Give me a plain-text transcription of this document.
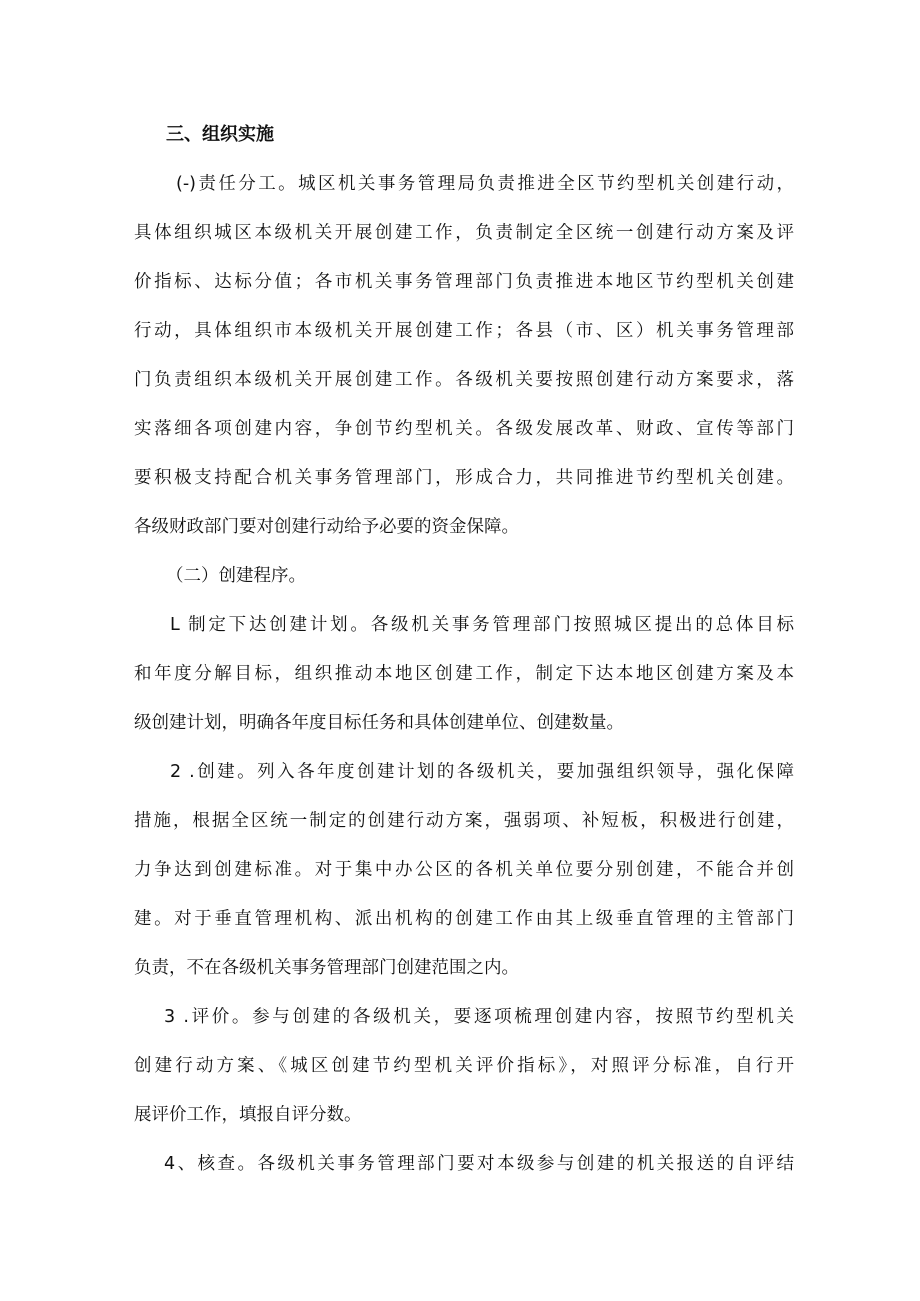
三、组织实施
(-)责任分工。城区机关事务管理局负责推进全区节约型机关创建行动，
具体组织城区本级机关开展创建工作，负责制定全区统一创建行动方案及评
价指标、达标分值；各市机关事务管理部门负责推进本地区节约型机关创建
行动，具体组织市本级机关开展创建工作；各县（市、区）机关事务管理部
门负责组织本级机关开展创建工作。各级机关要按照创建行动方案要求，落
实落细各项创建内容，争创节约型机关。各级发展改革、财政、宣传等部门
要积极支持配合机关事务管理部门，形成合力，共同推进节约型机关创建。
各级财政部门要对创建行动给予必要的资金保障。
（二）创建程序。
L 制定下达创建计划。各级机关事务管理部门按照城区提出的总体目标
和年度分解目标，组织推动本地区创建工作，制定下达本地区创建方案及本
级创建计划，明确各年度目标任务和具体创建单位、创建数量。
2 .创建。列入各年度创建计划的各级机关，要加强组织领导，强化保障
措施，根据全区统一制定的创建行动方案，强弱项、补短板，积极进行创建，
力争达到创建标准。对于集中办公区的各机关单位要分别创建，不能合并创
建。对于垂直管理机构、派出机构的创建工作由其上级垂直管理的主管部门
负责，不在各级机关事务管理部门创建范围之内。
3 .评价。参与创建的各级机关，要逐项梳理创建内容，按照节约型机关
创建行动方案、《城区创建节约型机关评价指标》，对照评分标准，自行开
展评价工作，填报自评分数。
4、核查。各级机关事务管理部门要对本级参与创建的机关报送的自评结
